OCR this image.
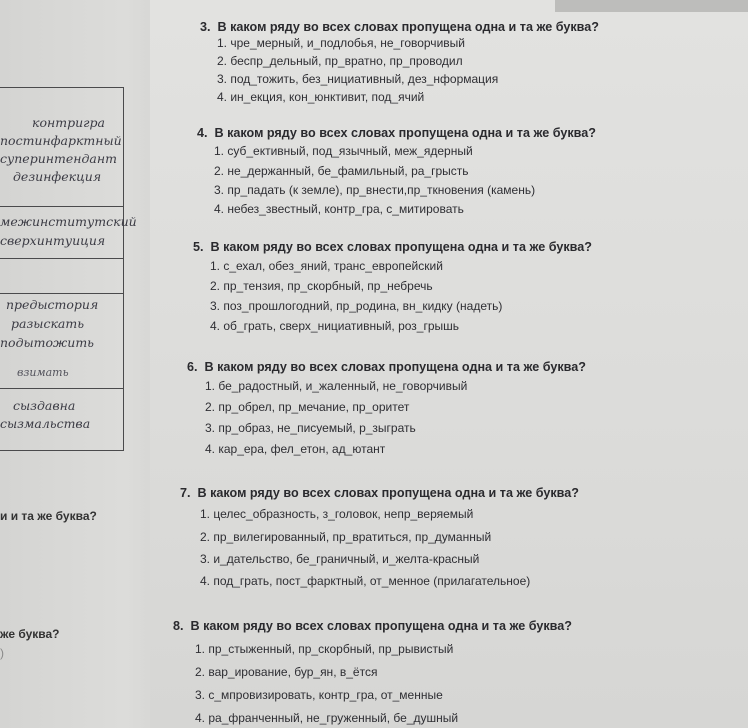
контригра
постинфарктный
суперинтендант
дезинфекция
межинститутский
сверхинтуиция
предыстория
разыскать
подытожить
взимать
сыздавна
сызмальства
и и та же буква?
же буква?
)
3. В каком ряду во всех словах пропущена одна и та же буква?
1. чре_мерный, и_подлобья, не_говорчивый
2. беспр_дельный, пр_вратно, пр_проводил
3. под_тожить, без_нициативный, дез_нформация
4. ин_екция, кон_юнктивит, под_ячий
4. В каком ряду во всех словах пропущена одна и та же буква?
1. суб_ективный, под_язычный, меж_ядерный
2. не_держанный, бе_фамильный, ра_грысть
3. пр_падать (к земле), пр_внести,пр_ткновения (камень)
4. небез_звестный, контр_гра, с_митировать
5. В каком ряду во всех словах пропущена одна и та же буква?
1. с_ехал, обез_яний, транс_европейский
2. пр_тензия, пр_скорбный, пр_небречь
3. поз_прошлогодний, пр_родина, вн_кидку (надеть)
4. об_грать, сверх_нициативный, роз_грышь
6. В каком ряду во всех словах пропущена одна и та же буква?
1. бе_радостный, и_жаленный, не_говорчивый
2. пр_обрел, пр_мечание, пр_оритет
3. пр_образ, не_писуемый, р_зыграть
4. кар_ера, фел_етон, ад_ютант
7. В каком ряду во всех словах пропущена одна и та же буква?
1. целес_образность, з_головок, непр_веряемый
2. пр_вилегированный, пр_вратиться, пр_думанный
3. и_дательство, бе_граничный, и_желта-красный
4. под_грать, пост_фарктный, от_менное (прилагательное)
8. В каком ряду во всех словах пропущена одна и та же буква?
1. пр_стыженный, пр_скорбный, пр_рывистый
2. вар_ирование, бур_ян, в_ётся
3. с_мпровизировать, контр_гра, от_менные
4. ра_франченный, не_груженный, бе_душный
